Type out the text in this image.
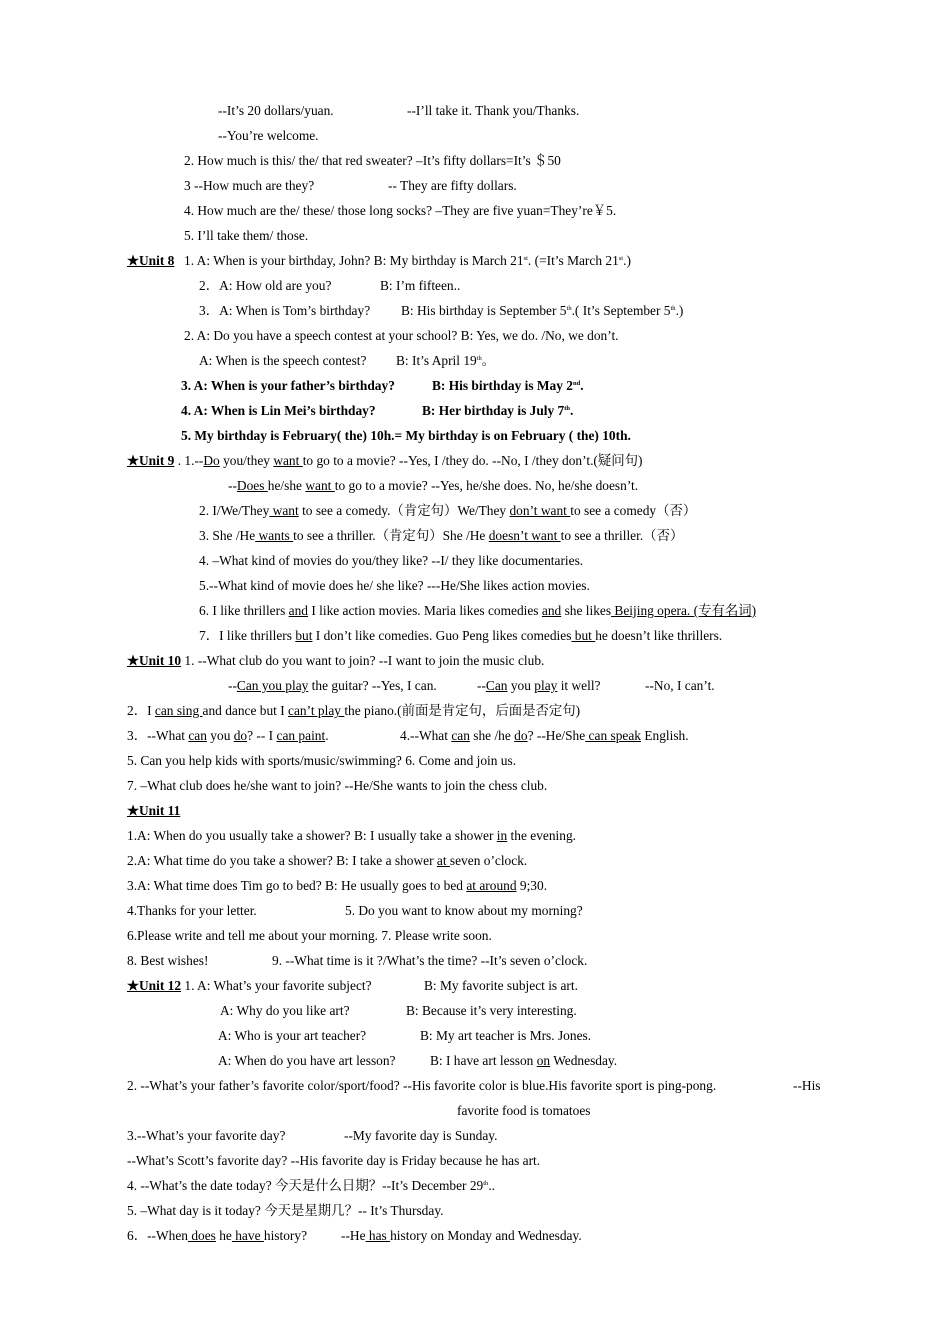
--It’s 20 dollars/yuan.	--I’ll take it. Thank you/Thanks.
--You’re welcome.
2. How much is this/ the/ that red sweater? –It’s fifty dollars=It’s ＄50
3 --How much are they?	-- They are fifty dollars.
4. How much are the/ these/ those long socks? –They are five yuan=They’re￥5.
5. I’ll take them/ those.
★Unit 8 1. A: When is your birthday, John? B: My birthday is March 21st. (=It’s March 21st.)
2．A: How old are you?	B: I’m fifteen..
3．A: When is Tom’s birthday? B: His birthday is September 5th.( It’s September 5th.)
2. A: Do you have a speech contest at your school? B: Yes, we do. /No, we don’t.
A: When is the speech contest? B: It’s April 19th。
3. A: When is your father’s birthday?	B: His birthday is May 2nd.
4. A: When is Lin Mei’s birthday?	B: Her birthday is July 7th.
5. My birthday is February( the) 10h.= My birthday is on February ( the) 10th.
★Unit 9 . 1.--Do you/they want to go to a movie? --Yes, I /they do. --No, I /they don’t.(疑问句)
--Does he/she want to go to a movie? --Yes, he/she does. No, he/she doesn’t.
2. I/We/They want to see a comedy.（肯定句）We/They don’t want to see a comedy（否）
3. She /He wants to see a thriller.（肯定句）She /He doesn’t want to see a thriller.（否）
4. –What kind of movies do you/they like? --I/ they like documentaries.
5.--What kind of movie does he/ she like? ---He/She likes action movies.
6. I like thrillers and I like action movies. Maria likes comedies and she likes Beijing opera. (专有名词)
7．I like thrillers but I don’t like comedies. Guo Peng likes comedies but he doesn’t like thrillers.
★Unit 10 1. --What club do you want to join? --I want to join the music club.
--Can you play the guitar? --Yes, I can.	--Can you play it well?	--No, I can’t.
2．I can sing and dance but I can’t play the piano.(前面是肯定句，后面是否定句)
3．--What can you do? -- I can paint.	4.--What can she /he do? --He/She can speak English.
5. Can you help kids with sports/music/swimming? 6. Come and join us.
7. –What club does he/she want to join? --He/She wants to join the chess club.
★Unit 11
1.A: When do you usually take a shower? B: I usually take a shower in the evening.
2.A: What time do you take a shower? B: I take a shower at seven o’clock.
3.A: What time does Tim go to bed? B: He usually goes to bed at around 9;30.
4.Thanks for your letter.	5. Do you want to know about my morning?
6.Please write and tell me about your morning. 7. Please write soon.
8. Best wishes!	9. --What time is it ?/What’s the time? --It’s seven o’clock.
★Unit 12 1. A: What’s your favorite subject?	B: My favorite subject is art.
A: Why do you like art?	B: Because it’s very interesting.
A: Who is your art teacher?	B: My art teacher is Mrs. Jones.
A: When do you have art lesson?	B: I have art lesson on Wednesday.
2. --What’s your father’s favorite color/sport/food? --His favorite color is blue.His favorite sport is ping-pong.	--His
favorite food is tomatoes
3.--What’s your favorite day?	--My favorite day is Sunday.
--What’s Scott’s favorite day? --His favorite day is Friday because he has art.
4. --What’s the date today? 今天是什么日期？--It’s December 29th..
5. –What day is it today? 今天是星期几？-- It’s Thursday.
6．--When does he have history?	--He has history on Monday and Wednesday.
